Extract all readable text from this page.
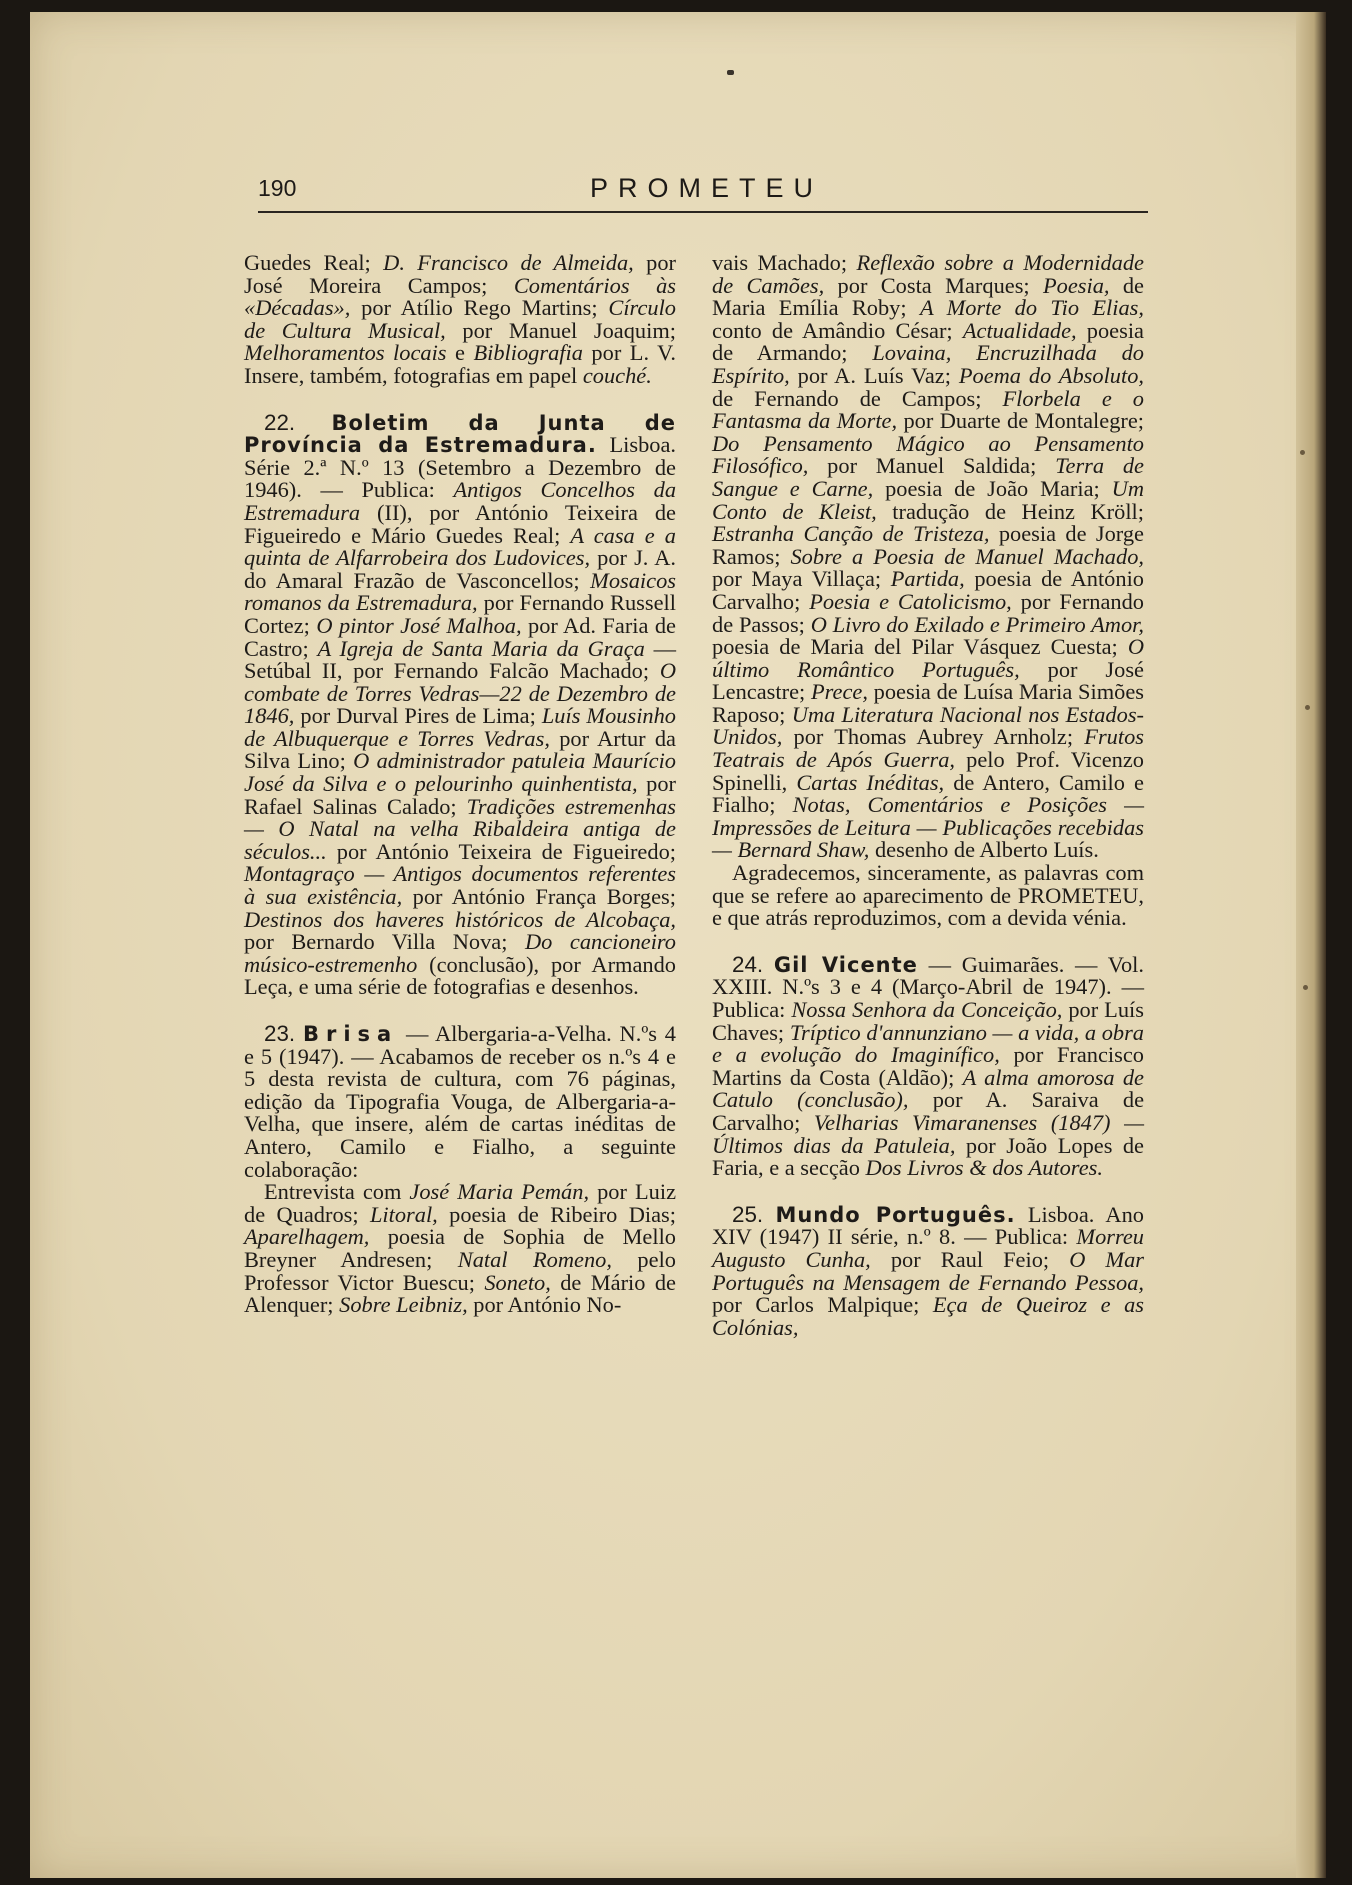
190	PROMETEU

Guedes Real; D. Francisco de Almeida, por José Moreira Campos; Comentários às «Décadas», por Atílio Rego Martins; Círculo de Cultura Musical, por Manuel Joaquim; Melhoramentos locais e Bibliografia por L. V. Insere, também, fotografias em papel couché.

22. Boletim da Junta de Província da Estremadura. Lisboa. Série 2.ª N.º 13 (Setembro a Dezembro de 1946). — Publica: Antigos Concelhos da Estremadura (II), por António Teixeira de Figueiredo e Mário Guedes Real; A casa e a quinta de Alfarrobeira dos Ludovices, por J. A. do Amaral Frazão de Vasconcellos; Mosaicos romanos da Estremadura, por Fernando Russell Cortez; O pintor José Malhoa, por Ad. Faria de Castro; A Igreja de Santa Maria da Graça — Setúbal II, por Fernando Falcão Machado; O combate de Torres Vedras—22 de Dezembro de 1846, por Durval Pires de Lima; Luís Mousinho de Albuquerque e Torres Vedras, por Artur da Silva Lino; O administrador patuleia Maurício José da Silva e o pelourinho quinhentista, por Rafael Salinas Calado; Tradições estremenhas — O Natal na velha Ribaldeira antiga de séculos... por António Teixeira de Figueiredo; Montagraço — Antigos documentos referentes à sua existência, por António França Borges; Destinos dos haveres históricos de Alcobaça, por Bernardo Villa Nova; Do cancioneiro músico-estremenho (conclusão), por Armando Leça, e uma série de fotografias e desenhos.

23. Brisa — Albergaria-a-Velha. N.ºs 4 e 5 (1947). — Acabamos de receber os n.ºs 4 e 5 desta revista de cultura, com 76 páginas, edição da Tipografia Vouga, de Albergaria-a-Velha, que insere, além de cartas inéditas de Antero, Camilo e Fialho, a seguinte colaboração:

Entrevista com José Maria Pemán, por Luiz de Quadros; Litoral, poesia de Ribeiro Dias; Aparelhagem, poesia de Sophia de Mello Breyner Andresen; Natal Romeno, pelo Professor Victor Buescu; Soneto, de Mário de Alenquer; Sobre Leibniz, por António No-

vais Machado; Reflexão sobre a Modernidade de Camões, por Costa Marques; Poesia, de Maria Emília Roby; A Morte do Tio Elias, conto de Amândio César; Actualidade, poesia de Armando; Lovaina, Encruzilhada do Espírito, por A. Luís Vaz; Poema do Absoluto, de Fernando de Campos; Florbela e o Fantasma da Morte, por Duarte de Montalegre; Do Pensamento Mágico ao Pensamento Filosófico, por Manuel Saldida; Terra de Sangue e Carne, poesia de João Maria; Um Conto de Kleist, tradução de Heinz Kröll; Estranha Canção de Tristeza, poesia de Jorge Ramos; Sobre a Poesia de Manuel Machado, por Maya Villaça; Partida, poesia de António Carvalho; Poesia e Catolicismo, por Fernando de Passos; O Livro do Exilado e Primeiro Amor, poesia de Maria del Pilar Vásquez Cuesta; O último Romântico Português, por José Lencastre; Prece, poesia de Luísa Maria Simões Raposo; Uma Literatura Nacional nos Estados-Unidos, por Thomas Aubrey Arnholz; Frutos Teatrais de Após Guerra, pelo Prof. Vicenzo Spinelli, Cartas Inéditas, de Antero, Camilo e Fialho; Notas, Comentários e Posições — Impressões de Leitura — Publicações recebidas — Bernard Shaw, desenho de Alberto Luís.

Agradecemos, sinceramente, as palavras com que se refere ao aparecimento de PROMETEU, e que atrás reproduzimos, com a devida vénia.

24. Gil Vicente — Guimarães. — Vol. XXIII. N.ºs 3 e 4 (Março-Abril de 1947). — Publica: Nossa Senhora da Conceição, por Luís Chaves; Tríptico d'annunziano — a vida, a obra e a evolução do Imaginífico, por Francisco Martins da Costa (Aldão); A alma amorosa de Catulo (conclusão), por A. Saraiva de Carvalho; Velharias Vimaranenses (1847) — Últimos dias da Patuleia, por João Lopes de Faria, e a secção Dos Livros & dos Autores.

25. Mundo Português. Lisboa. Ano XIV (1947) II série, n.º 8. — Publica: Morreu Augusto Cunha, por Raul Feio; O Mar Português na Mensagem de Fernando Pessoa, por Carlos Malpique; Eça de Queiroz e as Colónias,
